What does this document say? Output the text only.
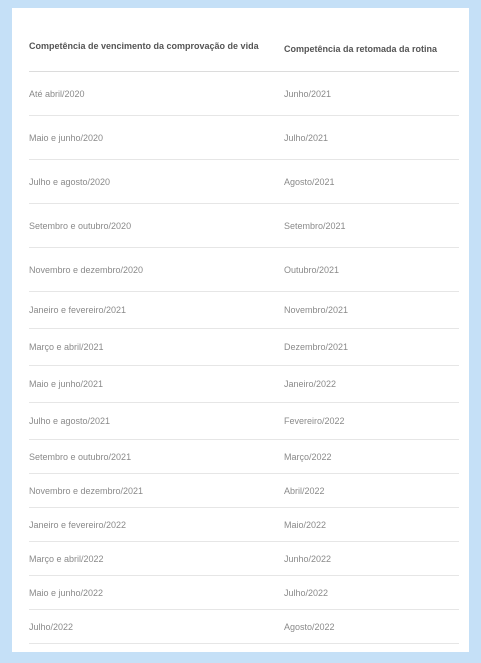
Competência de vencimento da comprovação de vida	Competência da retomada da rotina
Até abril/2020	Junho/2021
Maio e junho/2020	Julho/2021
Julho e agosto/2020	Agosto/2021
Setembro e outubro/2020	Setembro/2021
Novembro e dezembro/2020	Outubro/2021
Janeiro e fevereiro/2021	Novembro/2021
Março e abril/2021	Dezembro/2021
Maio e junho/2021	Janeiro/2022
Julho e agosto/2021	Fevereiro/2022
Setembro e outubro/2021	Março/2022
Novembro e dezembro/2021	Abril/2022
Janeiro e fevereiro/2022	Maio/2022
Março e abril/2022	Junho/2022
Maio e junho/2022	Julho/2022
Julho/2022	Agosto/2022
